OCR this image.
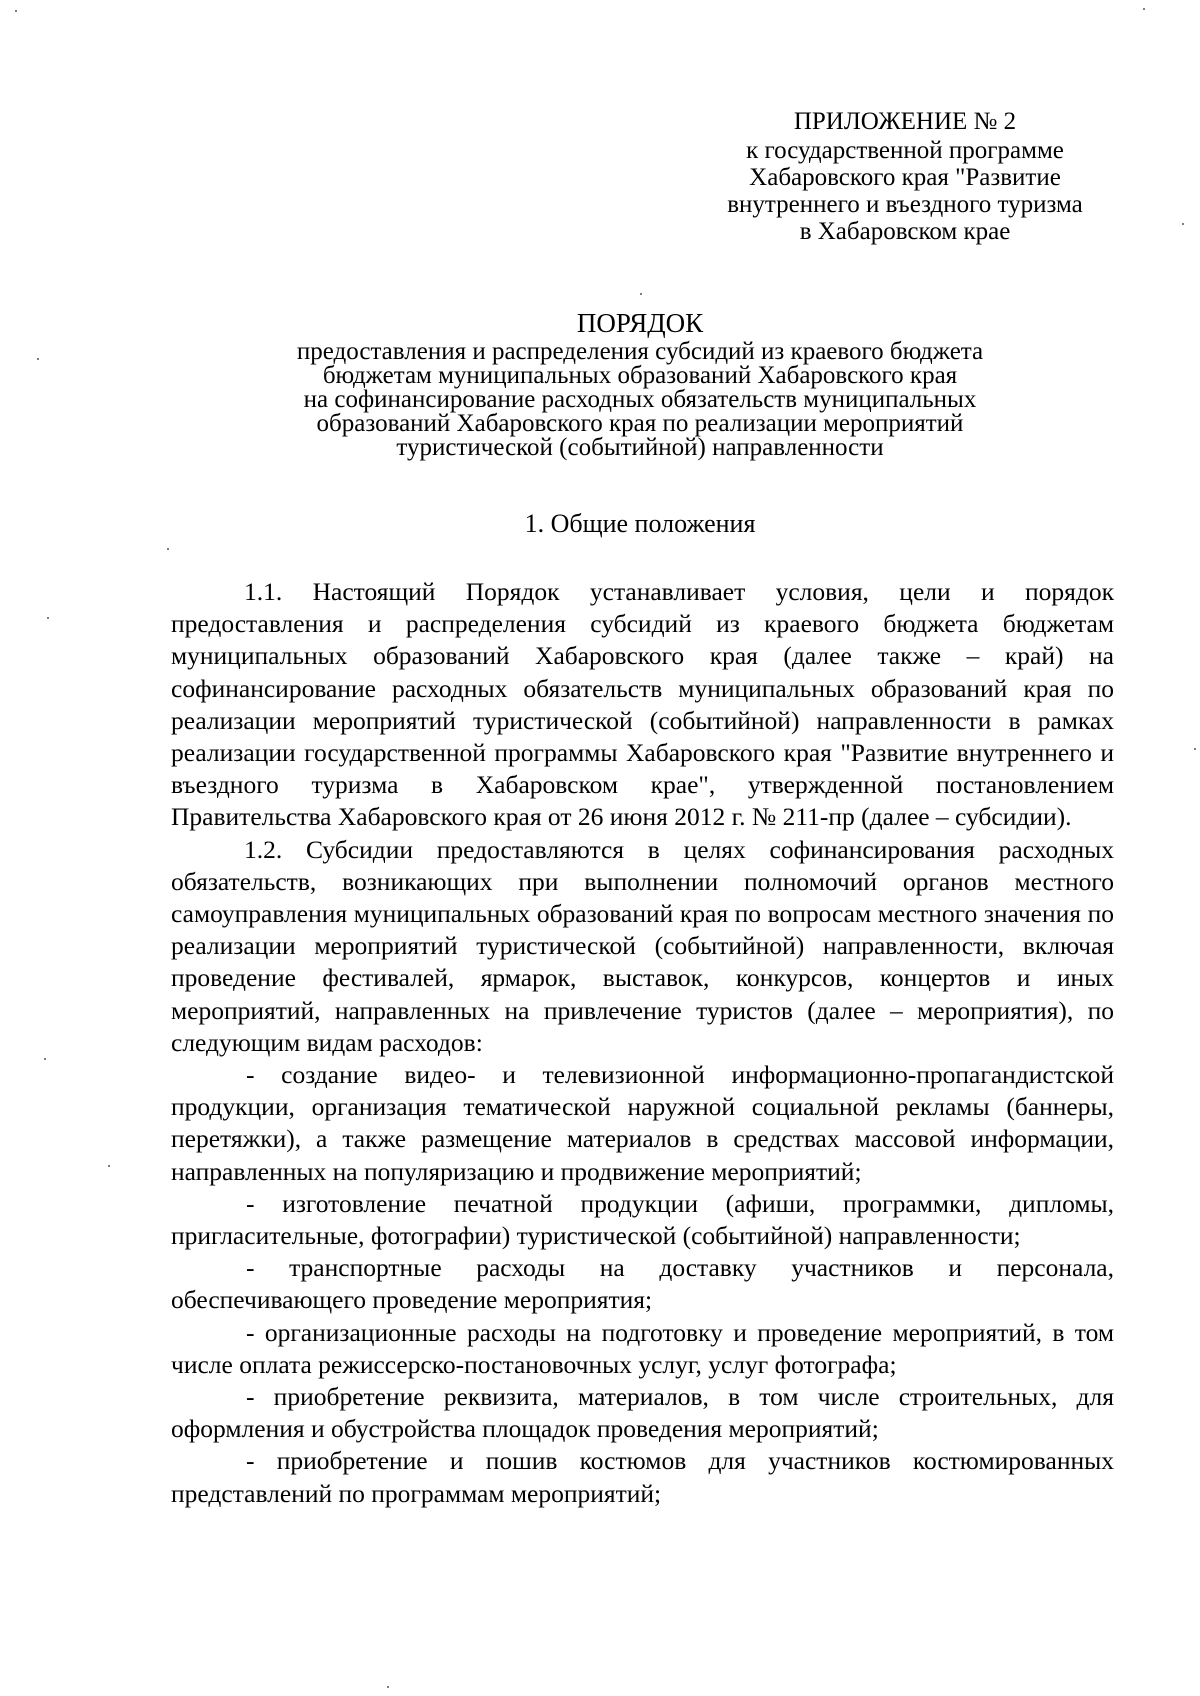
ПРИЛОЖЕНИЕ № 2
к государственной программе
Хабаровского края "Развитие
внутреннего и въездного туризма
в Хабаровском крае
ПОРЯДОК
предоставления и распределения субсидий из краевого бюджета
бюджетам муниципальных образований Хабаровского края
на софинансирование расходных обязательств муниципальных
образований Хабаровского края по реализации мероприятий
туристической (событийной) направленности
1. Общие положения

1.1. Настоящий Порядок устанавливает условия, цели и порядок предоставления и распределения субсидий из краевого бюджета бюджетам муниципальных образований Хабаровского края (далее также – край) на софинансирование расходных обязательств муниципальных образований края по реализации мероприятий туристической (событийной) направленности в рамках реализации государственной программы Хабаровского края "Развитие внутреннего и въездного туризма в Хабаровском крае", утвержденной постановлением Правительства Хабаровского края от 26 июня 2012 г. № 211-пр (далее – субсидии).

1.2. Субсидии предоставляются в целях софинансирования расходных обязательств, возникающих при выполнении полномочий органов местного самоуправления муниципальных образований края по вопросам местного значения по реализации мероприятий туристической (событийной) направленности, включая проведение фестивалей, ярмарок, выставок, конкурсов, концертов и иных мероприятий, направленных на привлечение туристов (далее – мероприятия), по следующим видам расходов:

- создание видео- и телевизионной информационно-пропагандистской продукции, организация тематической наружной социальной рекламы (баннеры, перетяжки), а также размещение материалов в средствах массовой информации, направленных на популяризацию и продвижение мероприятий;

- изготовление печатной продукции (афиши, программки, дипломы, пригласительные, фотографии) туристической (событийной) направленности;

- транспортные расходы на доставку участников и персонала, обеспечивающего проведение мероприятия;

- организационные расходы на подготовку и проведение мероприятий, в том числе оплата режиссерско-постановочных услуг, услуг фотографа;

- приобретение реквизита, материалов, в том числе строительных, для оформления и обустройства площадок проведения мероприятий;

- приобретение и пошив костюмов для участников костюмированных представлений по программам мероприятий;
